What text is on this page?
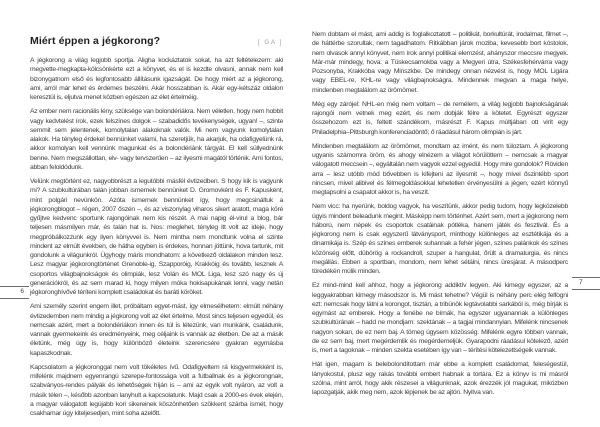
Miért éppen a jégkorong?	[ GA ]

A jégkorong a világ legjobb sportja. Aligha kockáztatok sokat, ha azt feltételezem: aki megvette-megkapta-kölcsönkérte ezt a könyvet, és el is kezdte olvasni, annak nem kell bizonygatnom első és legfontosabb állításunk igazságát. De hogy miért az a jégkorong, ami, arról már lehet és érdemes beszélni. Akár hosszabban is. Akár egy-kétszáz oldalon keresztül is, eljutva menet közben egészen az élet értelméig.

Az ember nem racionális lény, szüksége van bolondériákra. Nem véletlen, hogy nem hobbit vagy kedvtelést írok, ezek felszínes dolgok – szabadidős tevékenységek, ugyan! –, szinte semmit sem jelentenek, komolytalan alakoknak valók. Mi nem vagyunk komolytalan alakok. Ha tényleg érdekel bennünket valami, ha szeretjük, ha akarjuk, ha odafigyelünk rá, akkor komolyan kell vennünk magunkat és a bolondériánk tárgyát. El kell süllyednünk benne. Nem megszállottan, elv- vagy tervszerűen – az ilyesmi magától történik. Ami fontos, abban feloldódunk.

Velünk megtörtént ez, nagyobbrészt a legutóbbi másfél évtizedben. S hogy kik is vagyunk mi? A szubkultúrában talán jobban ismernek bennünket D. Gromovként és F. Kapusként, mint polgári nevünkön. Azóta ismernek bennünket így, hogy megcsináltuk a jégkorongblogot – régen, 2007 őszén –, és az viszonylag viharos sikert aratott, maga köré gyűjtve kedvenc sportunk rajongóinak nem kis részét. A mai napig él-virul a blog, bár teljesen másmilyen már, és talán hat is. Nos: meglehet, tényleg itt volt az ideje, hogy megpróbálkozzunk egy ilyen könyvvel is. Nem mintha nem mondtunk volna el szinte mindent az elmúlt években, de hátha egyben is érdekes, honnan jöttünk, hova tartunk, mit gondolunk a világunkról. Úgyhogy máris mondhatom: a következő oldalakon minden lesz. Lesz magyar jégkorongtörténet Grenoble-ig, Szapporóig, Krakkóig és tovább, lesznek A csoportos világbajnokságok és olimpiák, lesz Volán és MOL Liga, lesz szó nagy és új generációkról, és az sem marad ki, hogy milyen móka hokisapukának lenni, vagy netán jégkoronghívővé téríteni komplett családokat és baráti köröket.

Ami személy szerint engem illet, próbáltam egyet-mást, így elmesélhetem: elmúlt néhány évtizedemben nem mindig a jégkorong volt az élet értelme. Most sincs teljesen egyedül, és nemcsak azért, mert a bolondériákon innen és túl is létezünk, van munkánk, családunk, vannak gyermekeink és eredményeink, meg céljaink is vannak az életben. De az a másik életünk, még úgy is, hogy különböző életeink szerencsére gyakran egymásba kapaszkodnak.

Kapcsolatom a jégkoronggal nem volt tökéletes ívű. Odafigyeltem rá kisgyermekként is, mifelénk majdnem egyenrangú szerepe-fontossága volt a futballnak és a jégkorongnak, szabványos-rendes pályák és lehetőségek híján is – ami az egyik volt nyáron, az volt a másik télen –, később azonban lanyhult a kapcsolatunk. Majd csak a 2000-es évek elején, a magyar válogatott legújabb kori sikereinek köszönhetően szökkent szárba ismét, hogy csakhamar úgy kiteljesedjen, mint soha azelőtt.

Nem dobtam el mást, ami addig is foglalkoztatott – politikát, borkultúrát, irodalmat, filmet –, de háttérbe szorultak, nem tagadhatom. Ritkábban járok moziba, kevesebb bort kóstolok, nem olvasok annyi könyvet, nem írok annyi politikai elemzést, ahányszor meccsre megyek. Már-már mindegy, hova: a Tüskecsarnokba vagy a Megyeri útra, Székesfehérvárra vagy Pozsonyba, Krakkóba vagy Minszkbe. De mindegy onnan nézvést is, hogy MOL Ligára vagy EBEL-re, KHL-re vagy világbajnokságra. Mindennek megvan a maga helye, mindenben megtalálom az örömömet.

Még egy zárójel: NHL-en még nem voltam – de remélem, a világ legjobb bajnokságának rajongói nem vetnek meg ezért, és nem dobják félre a kötetet. Egyrészt egyszer összehozom ezt is, feltett szándékom, másrészt F. Kapus múltjában ott virít egy Philadelphia–Pittsburgh konferenciadöntő; ő ráadásul három olimpián is járt.

Mindenben megtalálom az örömömet, mondtam az imént, és nem túloztam. A jégkorong ugyanis számomra öröm, és ahogy elnézem a világot körülöttem – nemcsak a magyar válogatott meccsein –, egyáltalán nem vagyok ezzel egyedül. Hogy mire gondolok? Röviden arra – lesz utóbb mód bővebben is kifejteni az ilyesmit –, hogy mivel őszintébb sport nincsen, mivel alibivel és félmegoldásokkal lehetetlen érvényesülni a jégen, ezért könnyű megtapsolni a csapatot akkor is, ha veszít.

Nem vicc: ha nyerünk, boldog vagyok, ha veszítünk, akkor pedig tudom, hogy legközelebb úgyis mindent beleadunk megint. Másképp nem történhet. Azért sem, mert a jégkorong nem háború, nem népek és csoportok csatáinak pótléka, hanem játék és fesztivál. És a jégkorong nem is csak egyszerű látványsport, minthogy különleges az esztétikája és a dinamikája is. Szép és színes emberek suhannak a fehér jégen, színes palánkok és színes közönség előtt, dübörög a rockandroll, szuper a hangulat, őrült a dramaturgia, és nincs megállás. Ebben a sportban, mondom, nem lehet sétálni, nincs üresjárat. A másodperc töredékén múlik minden.

Ez mind-mind kell ahhoz, hogy a jégkorong addiktív legyen. Aki kimegy egyszer, az a leggyakrabban kimegy másodszor is. Mi mást tehetne? Végül is néhány perc elég felfogni ezt: nemcsak hogy látni a korongot, tisztán, a tribünök legtávolabbi sarkából is, még bírják is egymást az emberek. Hogy a fenébe ne bírnák, ha egyszer ugyanannak a különleges szubkultúrának – hadd ne mondjam: szektának – a tagjai mindannyian. Mifelénk nincsenek nagyon sokan, de ez nem baj. A tömeg úgysem közösség. Mifelénk egyre többen vannak, de ez sem baj, mert megérdemlik és megérdemeljük. Gyarapodni ráadásul kötelező, azért is, mert a tagoknak – minden szekta esetében így van – térítési kötelezettségeik vannak.

Hát igen, magam is belebolondítottam már ebbe a komplett családomat, feleségestül, lányokostul, plusz egy rakás további embert habnak a tortára. Ez a könyv is mi másról szólna, mint arról, hogy akik részesei a világunknak, azok érezzék jól magukat, miközben lapozgatják, akik meg nem, azok lépjenek be az ajtón. Nyitva van.

6
7
